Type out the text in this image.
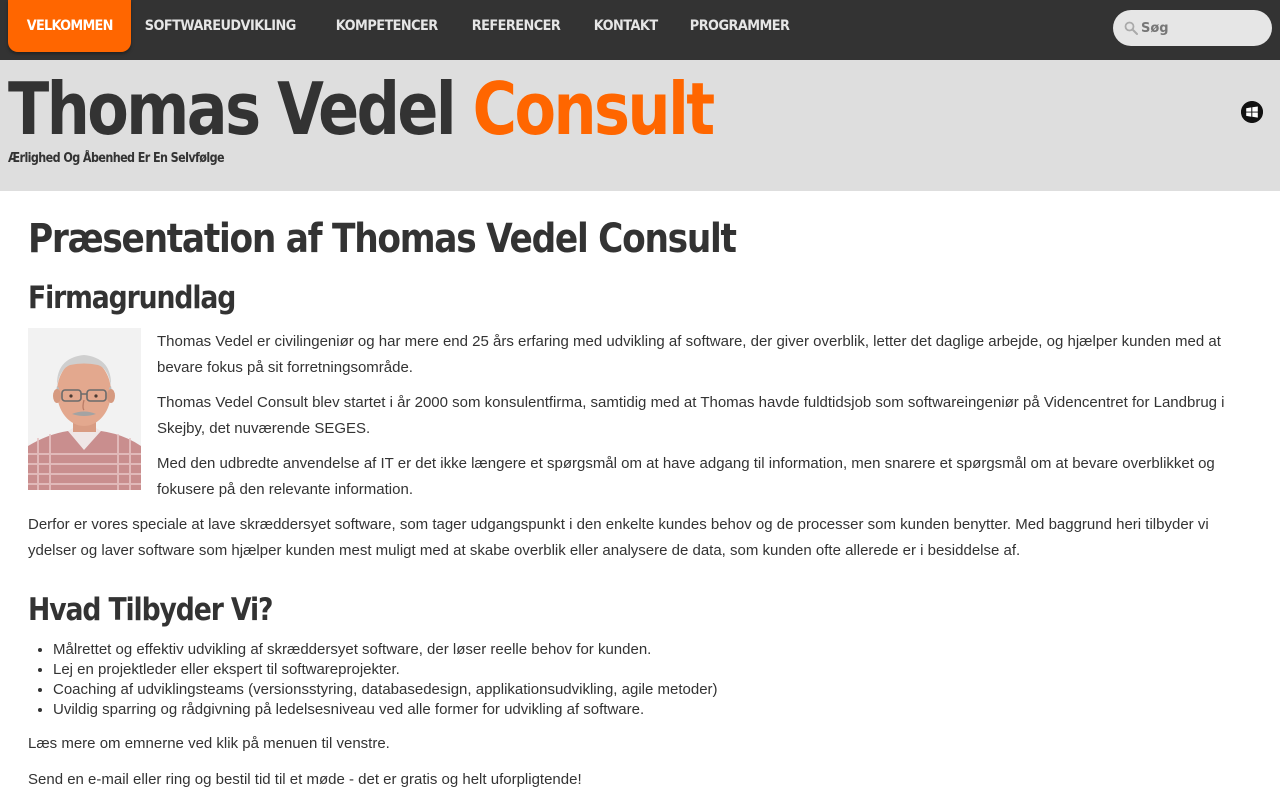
VELKOMMEN	SOFTWAREUDVIKLING	KOMPETENCER	REFERENCER	KONTAKT	PROGRAMMER
Søg
Thomas Vedel Consult
Ærlighed Og Åbenhed Er En Selvfølge
Præsentation af Thomas Vedel Consult
Firmagrundlag

Thomas Vedel er civilingeniør og har mere end 25 års erfaring med udvikling af software, der giver overblik, letter det daglige arbejde, og hjælper kunden med at bevare fokus på sit forretningsområde.

Thomas Vedel Consult blev startet i år 2000 som konsulentfirma, samtidig med at Thomas havde fuldtidsjob som softwareingeniør på Videncentret for Landbrug i Skejby, det nuværende SEGES.

Med den udbredte anvendelse af IT er det ikke længere et spørgsmål om at have adgang til information, men snarere et spørgsmål om at bevare overblikket og fokusere på den relevante information.

Derfor er vores speciale at lave skræddersyet software, som tager udgangspunkt i den enkelte kundes behov og de processer som kunden benytter. Med baggrund heri tilbyder vi ydelser og laver software som hjælper kunden mest muligt med at skabe overblik eller analysere de data, som kunden ofte allerede er i besiddelse af.

Hvad Tilbyder Vi?
• Målrettet og effektiv udvikling af skræddersyet software, der løser reelle behov for kunden.
• Lej en projektleder eller ekspert til softwareprojekter.
• Coaching af udviklingsteams (versionsstyring, databasedesign, applikationsudvikling, agile metoder)
• Uvildig sparring og rådgivning på ledelsesniveau ved alle former for udvikling af software.

Læs mere om emnerne ved klik på menuen til venstre.

Send en e-mail eller ring og bestil tid til et møde - det er gratis og helt uforpligtende!
